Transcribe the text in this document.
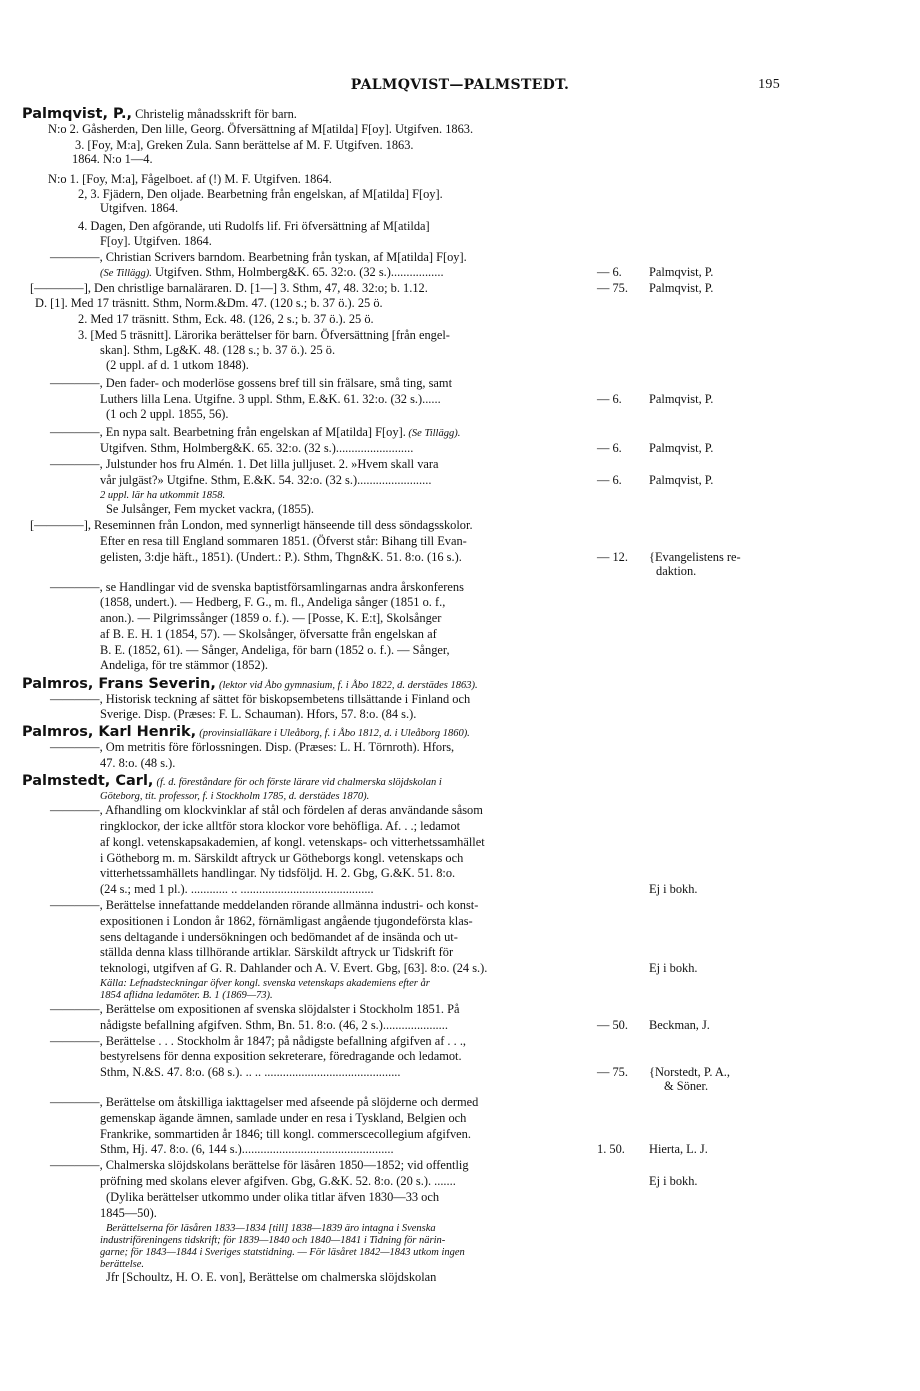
PALMQVIST—PALMSTEDT.	195
Palmqvist, P., Christelig månadsskrift för barn.
N:o 2. Gåsherden, Den lille, Georg. Öfversättning af M[atilda] F[oy]. Utgifven. 1863.
3. [Foy, M:a], Greken Zula. Sann berättelse af M. F. Utgifven. 1863.
1864. N:o 1—4.
N:o 1. [Foy, M:a], Fågelboet. af (!) M. F. Utgifven. 1864.
2, 3. Fjädern, Den oljade. Bearbetning från engelskan, af M[atilda] F[oy].
Utgifven. 1864.
4. Dagen, Den afgörande, uti Rudolfs lif. Fri öfversättning af M[atilda]
F[oy]. Utgifven. 1864.
————, Christian Scrivers barndom. Bearbetning från tyskan, af M[atilda] F[oy].
(Se Tillägg). Utgifven. Sthm, Holmberg&K. 65. 32:o. (32 s.).................	— 6. Palmqvist, P.
[————], Den christlige barnaläraren. D. [1—] 3. Sthm, 47, 48. 32:o; b. 1.12.	— 75. Palmqvist, P.
D. [1]. Med 17 träsnitt. Sthm, Norm.&Dm. 47. (120 s.; b. 37 ö.). 25 ö.
2. Med 17 träsnitt. Sthm, Eck. 48. (126, 2 s.; b. 37 ö.). 25 ö.
3. [Med 5 träsnitt]. Lärorika berättelser för barn. Öfversättning [från engel-
skan]. Sthm, Lg&K. 48. (128 s.; b. 37 ö.). 25 ö.
(2 uppl. af d. 1 utkom 1848).
————, Den fader- och moderlöse gossens bref till sin frälsare, små ting, samt
Luthers lilla Lena. Utgifne. 3 uppl. Sthm, E.&K. 61. 32:o. (32 s.)......	— 6. Palmqvist, P.
(1 och 2 uppl. 1855, 56).
————, En nypa salt. Bearbetning från engelskan af M[atilda] F[oy]. (Se Tillägg).
Utgifven. Sthm, Holmberg&K. 65. 32:o. (32 s.).........................	— 6. Palmqvist, P.
————, Julstunder hos fru Almén. 1. Det lilla julljuset. 2. »Hvem skall vara
vår julgäst?» Utgifne. Sthm, E.&K. 54. 32:o. (32 s.)........................	— 6. Palmqvist, P.
2 uppl. lär ha utkommit 1858.
Se Julsånger, Fem mycket vackra, (1855).
[————], Reseminnen från London, med synnerligt hänseende till dess söndagsskolor.
Efter en resa till England sommaren 1851. (Öfverst står: Bihang till Evan-
gelisten, 3:dje häft., 1851). (Undert.: P.). Sthm, Thgn&K. 51. 8:o. (16 s.).	— 12. {Evangelistens re-
daktion.
————, se Handlingar vid de svenska baptistförsamlingarnas andra årskonferens
(1858, undert.). — Hedberg, F. G., m. fl., Andeliga sånger (1851 o. f.,
anon.). — Pilgrimssånger (1859 o. f.). — [Posse, K. E:t], Skolsånger
af B. E. H. 1 (1854, 57). — Skolsånger, öfversatte från engelskan af
B. E. (1852, 61). — Sånger, Andeliga, för barn (1852 o. f.). — Sånger,
Andeliga, för tre stämmor (1852).
Palmros, Frans Severin, (lektor vid Åbo gymnasium, f. i Åbo 1822, d. derstädes 1863).
————, Historisk teckning af sättet för biskopsembetens tillsättande i Finland och
Sverige. Disp. (Præses: F. L. Schauman). Hfors, 57. 8:o. (84 s.).
Palmros, Karl Henrik, (provinsialläkare i Uleåborg, f. i Åbo 1812, d. i Uleåborg 1860).
————, Om metritis före förlossningen. Disp. (Præses: L. H. Törnroth). Hfors,
47. 8:o. (48 s.).
Palmstedt, Carl, (f. d. föreståndare för och förste lärare vid chalmerska slöjdskolan i
Göteborg, tit. professor, f. i Stockholm 1785, d. derstädes 1870).
————, Afhandling om klockvinklar af stål och fördelen af deras användande såsom
ringklockor, der icke alltför stora klockor vore behöfliga. Af. . .; ledamot
af kongl. vetenskapsakademien, af kongl. vetenskaps- och vitterhetssamhället
i Götheborg m. m. Särskildt aftryck ur Götheborgs kongl. vetenskaps och
vitterhetssamhällets handlingar. Ny tidsföljd. H. 2. Gbg, G.&K. 51. 8:o.
(24 s.; med 1 pl.). ............ .. ...........................................	Ej i bokh.
————, Berättelse innefattande meddelanden rörande allmänna industri- och konst-
expositionen i London år 1862, förnämligast angående tjugondeförsta klas-
sens deltagande i undersökningen och bedömandet af de insända och ut-
ställda denna klass tillhörande artiklar. Särskildt aftryck ur Tidskrift för
teknologi, utgifven af G. R. Dahlander och A. V. Evert. Gbg, [63]. 8:o. (24 s.).	Ej i bokh.
Källa: Lefnadsteckningar öfver kongl. svenska vetenskaps akademiens efter år
1854 aflidna ledamöter. B. 1 (1869—73).
————, Berättelse om expositionen af svenska slöjdalster i Stockholm 1851. På
nådigste befallning afgifven. Sthm, Bn. 51. 8:o. (46, 2 s.).....................	— 50. Beckman, J.
————, Berättelse . . . Stockholm år 1847; på nådigste befallning afgifven af . . .,
bestyrelsens för denna exposition sekreterare, föredragande och ledamot.
Sthm, N.&S. 47. 8:o. (68 s.). .. .. ............................................	— 75. {Norstedt, P. A.,
& Söner.
————, Berättelse om åtskilliga iakttagelser med afseende på slöjderne och dermed
gemenskap ägande ämnen, samlade under en resa i Tyskland, Belgien och
Frankrike, sommartiden år 1846; till kongl. commerscecollegium afgifven.
Sthm, Hj. 47. 8:o. (6, 144 s.).................................................	1. 50. Hierta, L. J.
————, Chalmerska slöjdskolans berättelse för läsåren 1850—1852; vid offentlig
pröfning med skolans elever afgifven. Gbg, G.&K. 52. 8:o. (20 s.). .......	Ej i bokh.
(Dylika berättelser utkommo under olika titlar äfven 1830—33 och
1845—50).
Berättelserna för läsåren 1833—1834 [till] 1838—1839 äro intagna i Svenska
industriföreningens tidskrift; för 1839—1840 och 1840—1841 i Tidning för närin-
garne; för 1843—1844 i Sveriges statstidning. — För läsåret 1842—1843 utkom ingen
berättelse.
Jfr [Schoultz, H. O. E. von], Berättelse om chalmerska slöjdskolan
